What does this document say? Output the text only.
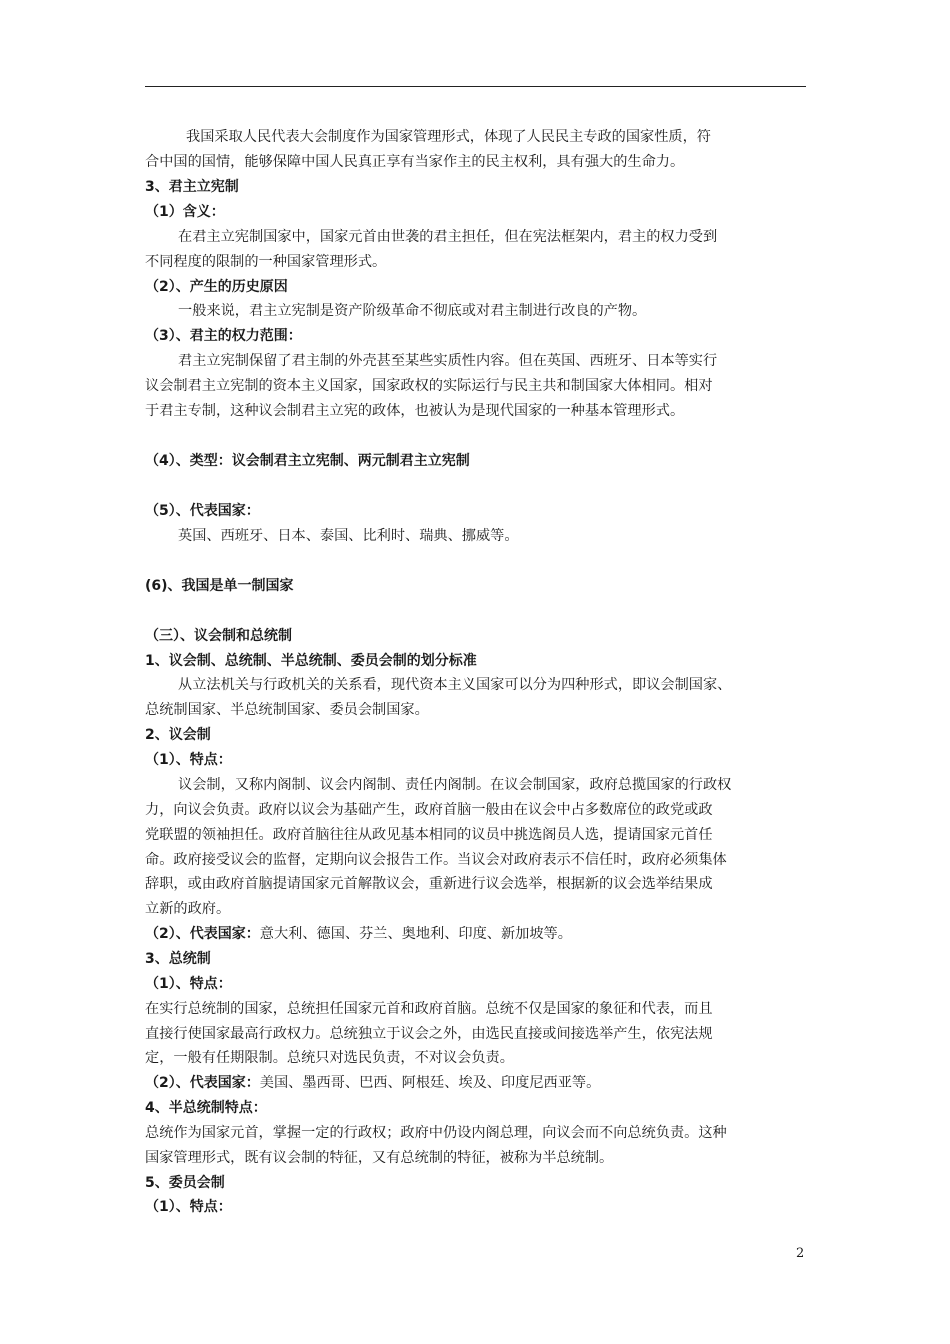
我国采取人民代表大会制度作为国家管理形式，体现了人民民主专政的国家性质，符
合中国的国情，能够保障中国人民真正享有当家作主的民主权利，具有强大的生命力。
3、君主立宪制
（1）含义：
在君主立宪制国家中，国家元首由世袭的君主担任，但在宪法框架内，君主的权力受到
不同程度的限制的一种国家管理形式。
（2）、产生的历史原因
一般来说，君主立宪制是资产阶级革命不彻底或对君主制进行改良的产物。
（3）、君主的权力范围：
君主立宪制保留了君主制的外壳甚至某些实质性内容。但在英国、西班牙、日本等实行
议会制君主立宪制的资本主义国家，国家政权的实际运行与民主共和制国家大体相同。相对
于君主专制，这种议会制君主立宪的政体，也被认为是现代国家的一种基本管理形式。
（4）、类型：议会制君主立宪制、两元制君主立宪制
（5）、代表国家：
英国、西班牙、日本、泰国、比利时、瑞典、挪威等。
(6)、我国是单一制国家
（三）、议会制和总统制
1、议会制、总统制、半总统制、委员会制的划分标准
从立法机关与行政机关的关系看，现代资本主义国家可以分为四种形式，即议会制国家、
总统制国家、半总统制国家、委员会制国家。
2、议会制
（1）、特点：
议会制，又称内阁制、议会内阁制、责任内阁制。在议会制国家，政府总揽国家的行政权
力，向议会负责。政府以议会为基础产生，政府首脑一般由在议会中占多数席位的政党或政
党联盟的领袖担任。政府首脑往往从政见基本相同的议员中挑选阁员人选，提请国家元首任
命。政府接受议会的监督，定期向议会报告工作。当议会对政府表示不信任时，政府必须集体
辞职，或由政府首脑提请国家元首解散议会，重新进行议会选举，根据新的议会选举结果成
立新的政府。
（2）、代表国家：意大利、德国、芬兰、奥地利、印度、新加坡等。
3、总统制
（1）、特点：
在实行总统制的国家，总统担任国家元首和政府首脑。总统不仅是国家的象征和代表，而且
直接行使国家最高行政权力。总统独立于议会之外，由选民直接或间接选举产生，依宪法规
定，一般有任期限制。总统只对选民负责，不对议会负责。
（2）、代表国家：美国、墨西哥、巴西、阿根廷、埃及、印度尼西亚等。
4、半总统制特点：
总统作为国家元首，掌握一定的行政权；政府中仍设内阁总理，向议会而不向总统负责。这种
国家管理形式，既有议会制的特征，又有总统制的特征，被称为半总统制。
5、委员会制
（1）、特点：
2
